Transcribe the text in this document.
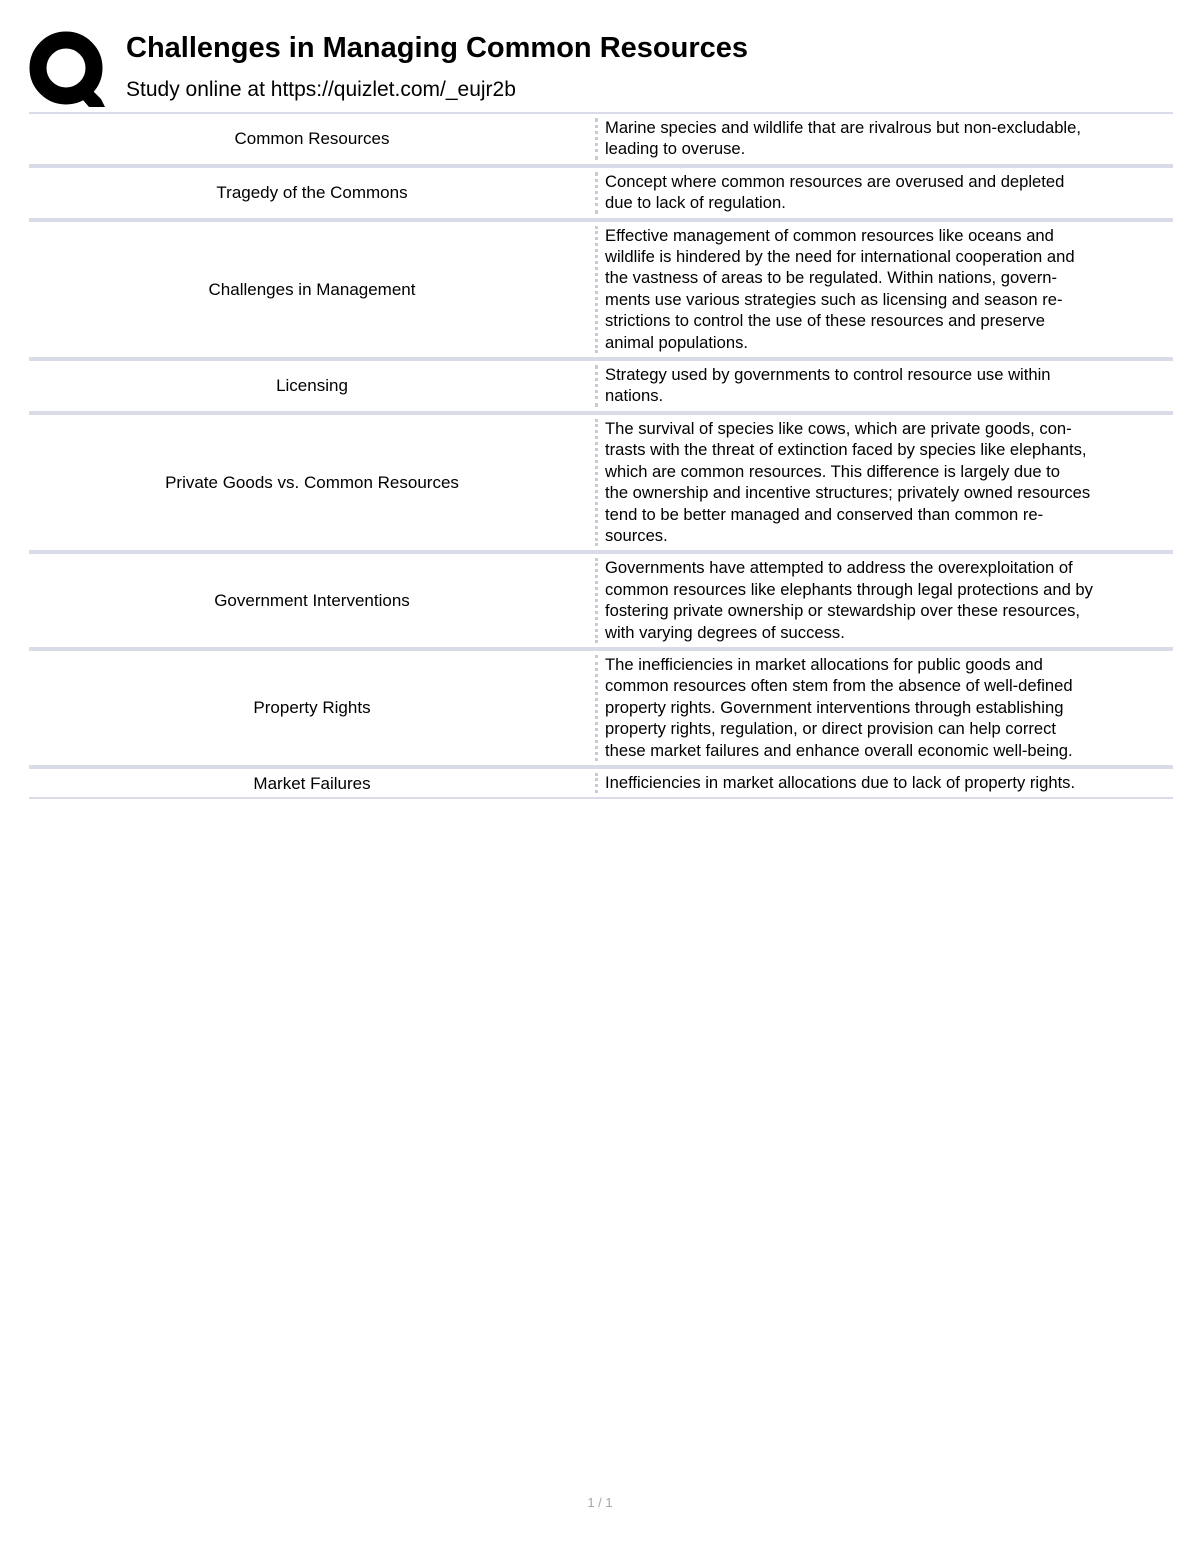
Challenges in Managing Common Resources
Study online at https://quizlet.com/_eujr2b
Common Resources
Marine species and wildlife that are rivalrous but non-excludable,
leading to overuse.
Tragedy of the Commons
Concept where common resources are overused and depleted
due to lack of regulation.
Challenges in Management
Effective management of common resources like oceans and
wildlife is hindered by the need for international cooperation and
the vastness of areas to be regulated. Within nations, govern-
ments use various strategies such as licensing and season re-
strictions to control the use of these resources and preserve
animal populations.
Licensing
Strategy used by governments to control resource use within
nations.
Private Goods vs. Common Resources
The survival of species like cows, which are private goods, con-
trasts with the threat of extinction faced by species like elephants,
which are common resources. This difference is largely due to
the ownership and incentive structures; privately owned resources
tend to be better managed and conserved than common re-
sources.
Government Interventions
Governments have attempted to address the overexploitation of
common resources like elephants through legal protections and by
fostering private ownership or stewardship over these resources,
with varying degrees of success.
Property Rights
The inefficiencies in market allocations for public goods and
common resources often stem from the absence of well-defined
property rights. Government interventions through establishing
property rights, regulation, or direct provision can help correct
these market failures and enhance overall economic well-being.
Market Failures	Inefficiencies in market allocations due to lack of property rights.
1 / 1
